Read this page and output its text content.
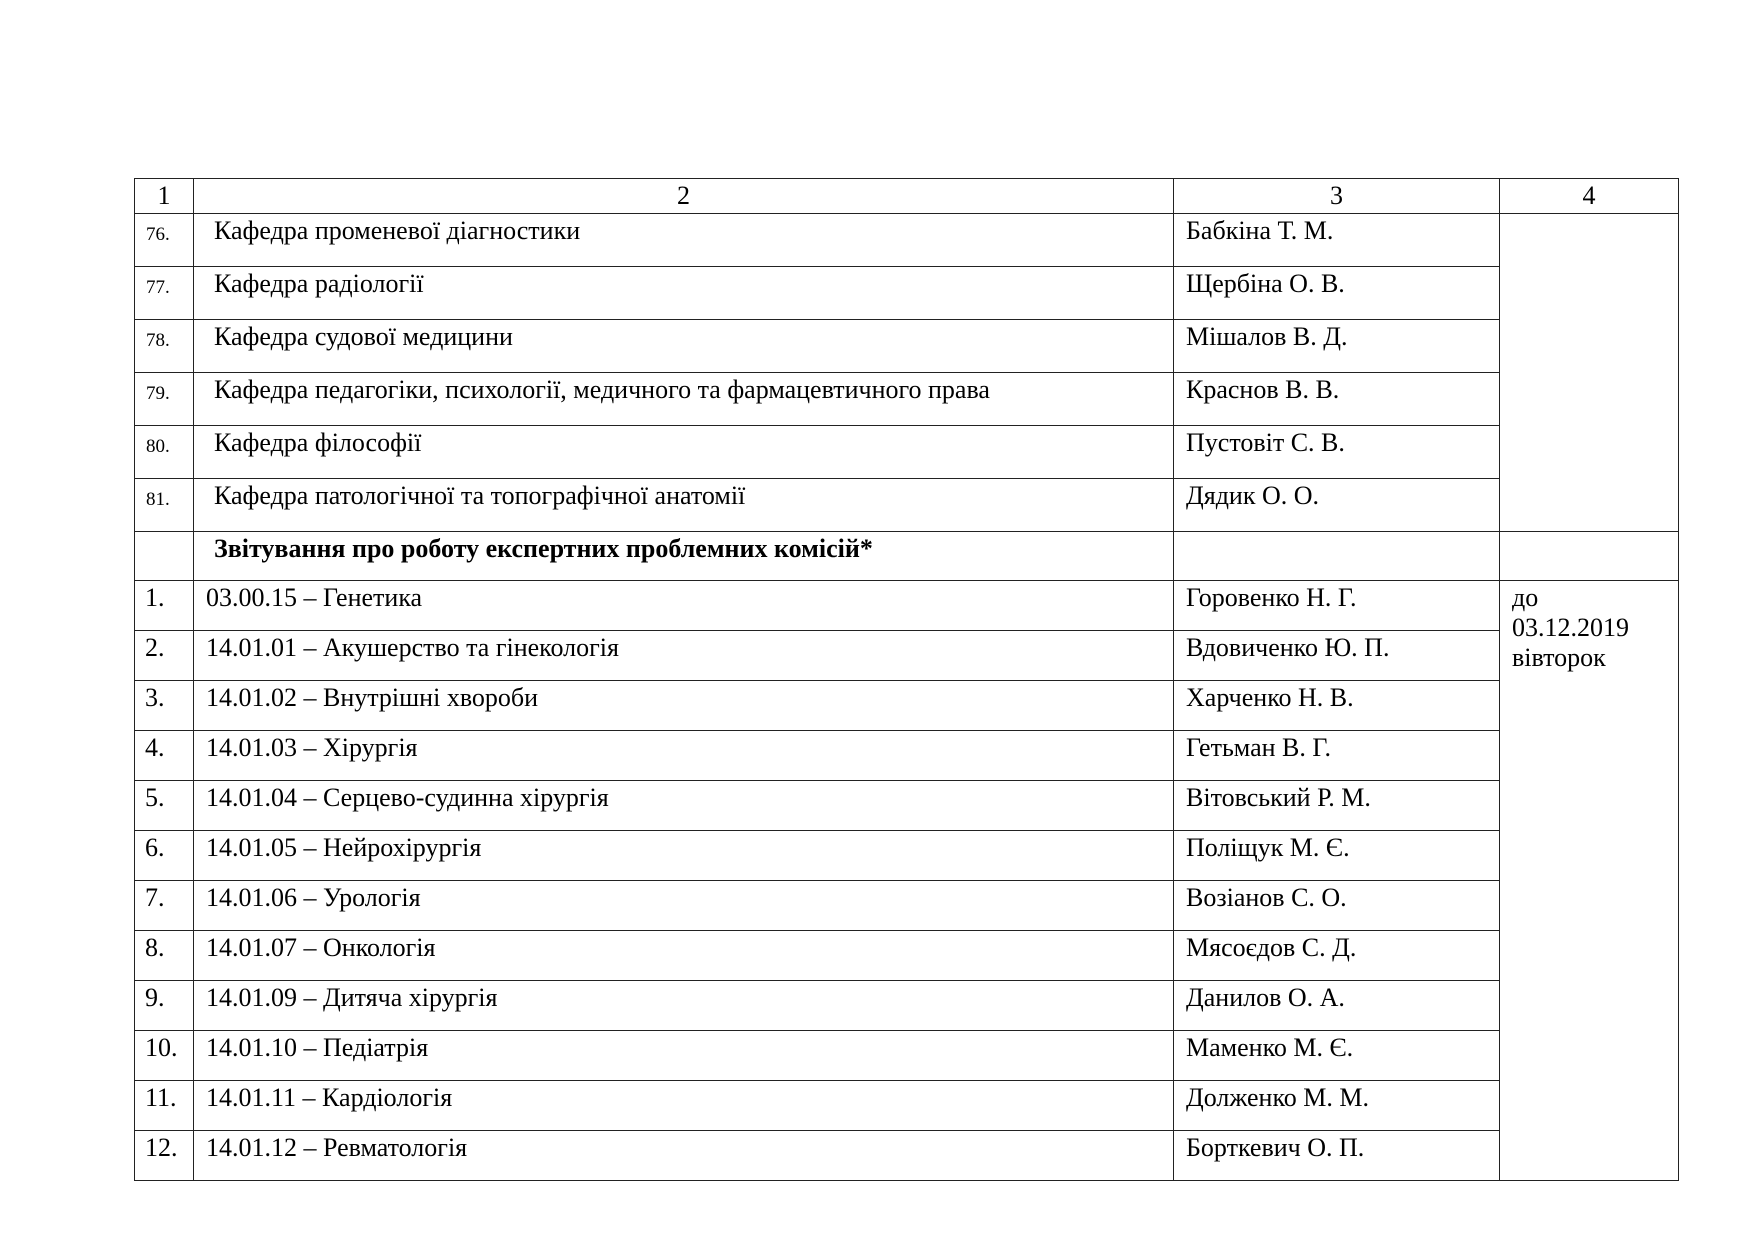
1	2	3	4
76.	Кафедра променевої діагностики	Бабкіна Т. М.	
77.	Кафедра радіології	Щербіна О. В.	
78.	Кафедра судової медицини	Мішалов В. Д.	
79.	Кафедра педагогіки, психології, медичного та фармацевтичного права	Краснов В. В.	
80.	Кафедра філософії	Пустовіт С. В.	
81.	Кафедра патологічної та топографічної анатомії	Дядик О. О.	
	Звітування про роботу експертних проблемних комісій*		
1.	03.00.15 – Генетика	Горовенко Н. Г.	до
03.12.2019
вівторок

2.	14.01.01 – Акушерство та гінекологія	Вдовиченко Ю. П.	
3.	14.01.02 – Внутрішні хвороби	Харченко Н. В.	
4.	14.01.03 – Хірургія	Гетьман В. Г.	
5.	14.01.04 – Серцево-судинна хірургія	Вітовський Р. М.	
6.	14.01.05 – Нейрохірургія	Поліщук М. Є.	
7.	14.01.06 – Урологія	Возіанов С. О.	
8.	14.01.07 – Онкологія	Мясоєдов С. Д.	
9.	14.01.09 – Дитяча хірургія	Данилов О. А.	
10.	14.01.10 – Педіатрія	Маменко М. Є.	
11.	14.01.11 – Кардіологія	Долженко М. М.	
12.	14.01.12 – Ревматологія	Борткевич О. П.	
